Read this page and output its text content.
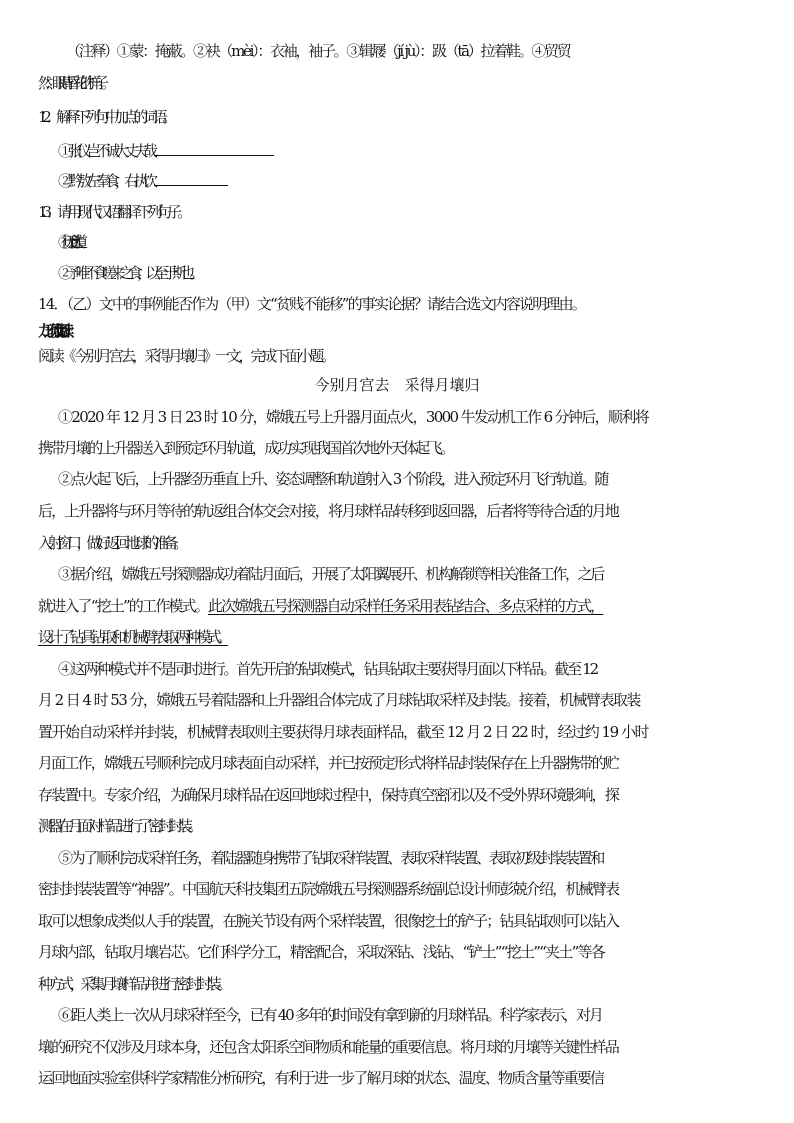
（注释）①蒙：掩蔽。②袂（mèi）：衣袖，袖子。③辑屦（jí jù）：趿（tā）拉着鞋。④贸贸
然：眼睛昏花的样子。
12．解释下列句中加点的词语。
①张仪岂不诚大丈夫哉
②黔敖左奉食，右执饮
13．请用现代汉语翻译下列句子。
①行天下之大道。
②予唯不食嗟来之食，以至于斯也。
14．（乙）文中的事例能否作为（甲）文“贫贱不能移”的事实论据？请结合选文内容说明理由。
九、现代文阅读
阅读《今别月宫去，采得月壤归》一文，完成下面小题。
今别月宫去　采得月壤归
①2020 年 12 月 3 日 23 时 10 分，嫦娥五号上升器月面点火，3000 牛发动机工作 6 分钟后，顺利将
携带月壤的上升器送入到预定环月轨道，成功实现我国首次地外天体起飞。
②点火起飞后，上升器经历垂直上升、姿态调整和轨道射入 3 个阶段，进入预定环月飞行轨道。随
后，上升器将与环月等待的轨返组合体交会对接，将月球样品转移到返回器，后者将等待合适的月地
入射窗口，做好返回地球的准备。
③据介绍，嫦娥五号探测器成功着陆月面后，开展了太阳翼展开、机构解锁等相关准备工作，之后
就进入了“挖土”的工作模式。此次嫦娥五号探测器自动采样任务采用表钻结合、多点采样的方式，
设计了钻具钻取和机械臂表取两种模式。
④这两种模式并不是同时进行。首先开启的钻取模式，钻具钻取主要获得月面以下样品。截至 12
月 2 日 4 时 53 分，嫦娥五号着陆器和上升器组合体完成了月球钻取采样及封装。接着，机械臂表取装
置开始自动采样并封装，机械臂表取则主要获得月球表面样品，截至 12 月 2 日 22 时，经过约 19 小时
月面工作，嫦娥五号顺利完成月球表面自动采样，并已按预定形式将样品封装保存在上升器携带的贮
存装置中。专家介绍，为确保月球样品在返回地球过程中，保持真空密闭以及不受外界环境影响，探
测器在月面对样品进行了密封封装。
⑤为了顺利完成采样任务，着陆器随身携带了钻取采样装置、表取采样装置、表取初级封装装置和
密封封装装置等“神器”。中国航天科技集团五院嫦娥五号探测器系统副总设计师彭兢介绍，机械臂表
取可以想象成类似人手的装置，在腕关节设有两个采样装置，很像挖土的铲子；钻具钻取则可以钻入
月球内部，钻取月壤岩芯。它们科学分工，精密配合，采取深钻、浅钻、“铲土”“挖土”“夹土”等各
种方式，采集月壤样品并进行密封封装。
⑥距人类上一次从月球采样至今，已有 40 多年的时间没有拿到新的月球样品。科学家表示，对月
壤的研究不仅涉及月球本身，还包含太阳系空间物质和能量的重要信息。将月球的月壤等关键性样品
运回地面实验室供科学家精准分析研究，有利于进一步了解月球的状态、温度、物质含量等重要信
